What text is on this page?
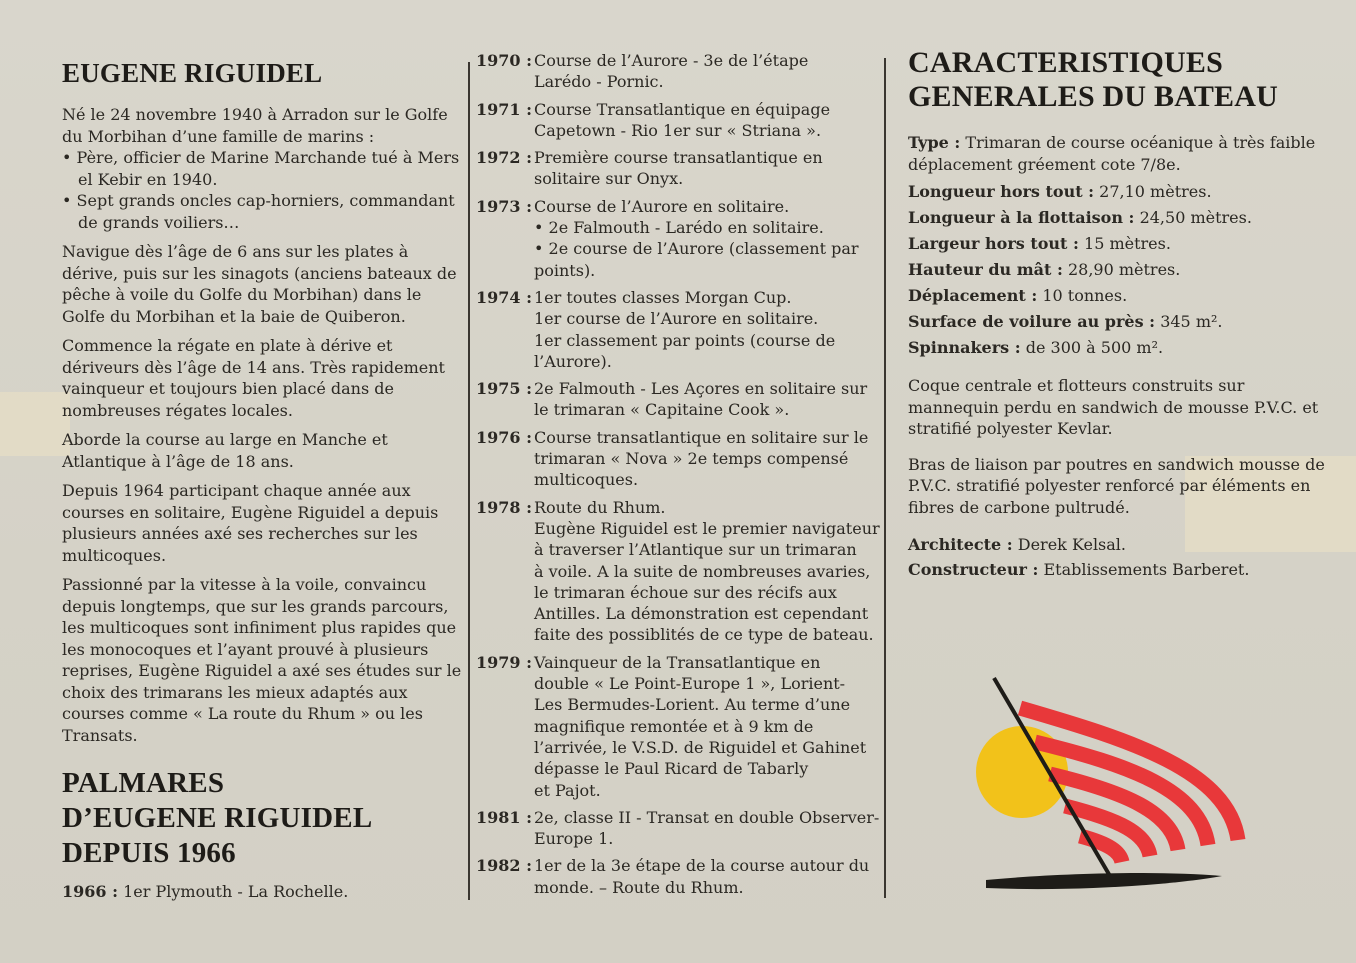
EUGENE RIGUIDEL

Né le 24 novembre 1940 à Arradon sur le Golfe du Morbihan d’une famille de marins :

• Père, officier de Marine Marchande tué à Mers el Kebir en 1940.

• Sept grands oncles cap-horniers, commandant de grands voiliers…

Navigue dès l’âge de 6 ans sur les plates à dérive, puis sur les sinagots (anciens bateaux de pêche à voile du Golfe du Morbihan) dans le Golfe du Morbihan et la baie de Quiberon.

Commence la régate en plate à dérive et dériveurs dès l’âge de 14 ans. Très rapidement vainqueur et toujours bien placé dans de nombreuses régates locales.

Aborde la course au large en Manche et Atlantique à l’âge de 18 ans.

Depuis 1964 participant chaque année aux courses en solitaire, Eugène Riguidel a depuis plusieurs années axé ses recherches sur les multicoques.

Passionné par la vitesse à la voile, convaincu depuis longtemps, que sur les grands parcours, les multicoques sont infiniment plus rapides que les monocoques et l’ayant prouvé à plusieurs reprises, Eugène Riguidel a axé ses études sur le choix des trimarans les mieux adaptés aux courses comme « La route du Rhum » ou les Transats.

PALMARES
D’EUGENE RIGUIDEL
DEPUIS 1966

1966 : 1er Plymouth - La Rochelle.

1970 : Course de l’Aurore - 3e de l’étape
Larédo - Pornic.
1971 : Course Transatlantique en équipage
Capetown - Rio 1er sur « Striana ».
1972 : Première course transatlantique en
solitaire sur Onyx.
1973 : Course de l’Aurore en solitaire.
• 2e Falmouth - Larédo en solitaire.
• 2e course de l’Aurore (classement par
points).
1974 : 1er toutes classes Morgan Cup.
1er course de l’Aurore en solitaire.
1er classement par points (course de
l’Aurore).
1975 : 2e Falmouth - Les Açores en solitaire sur
le trimaran « Capitaine Cook ».
1976 : Course transatlantique en solitaire sur le
trimaran « Nova » 2e temps compensé
multicoques.
1978 : Route du Rhum.
Eugène Riguidel est le premier navigateur
à traverser l’Atlantique sur un trimaran
à voile. A la suite de nombreuses avaries,
le trimaran échoue sur des récifs aux
Antilles. La démonstration est cependant
faite des possiblités de ce type de bateau.
1979 : Vainqueur de la Transatlantique en
double « Le Point-Europe 1 », Lorient-
Les Bermudes-Lorient. Au terme d’une
magnifique remontée et à 9 km de
l’arrivée, le V.S.D. de Riguidel et Gahinet
dépasse le Paul Ricard de Tabarly
et Pajot.
1981 : 2e, classe II - Transat en double Observer-
Europe 1.
1982 : 1er de la 3e étape de la course autour du
monde. – Route du Rhum.
CARACTERISTIQUES
GENERALES DU BATEAU

Type : Trimaran de course océanique à très faible déplacement gréement cote 7/8e.

Longueur hors tout : 27,10 mètres.

Longueur à la flottaison : 24,50 mètres.

Largeur hors tout : 15 mètres.

Hauteur du mât : 28,90 mètres.

Déplacement : 10 tonnes.

Surface de voilure au près : 345 m².

Spinnakers : de 300 à 500 m².

Coque centrale et flotteurs construits sur mannequin perdu en sandwich de mousse P.V.C. et stratifié polyester Kevlar.

Bras de liaison par poutres en sandwich mousse de P.V.C. stratifié polyester renforcé par éléments en fibres de carbone pultrudé.

Architecte : Derek Kelsal.

Constructeur : Etablissements Barberet.
